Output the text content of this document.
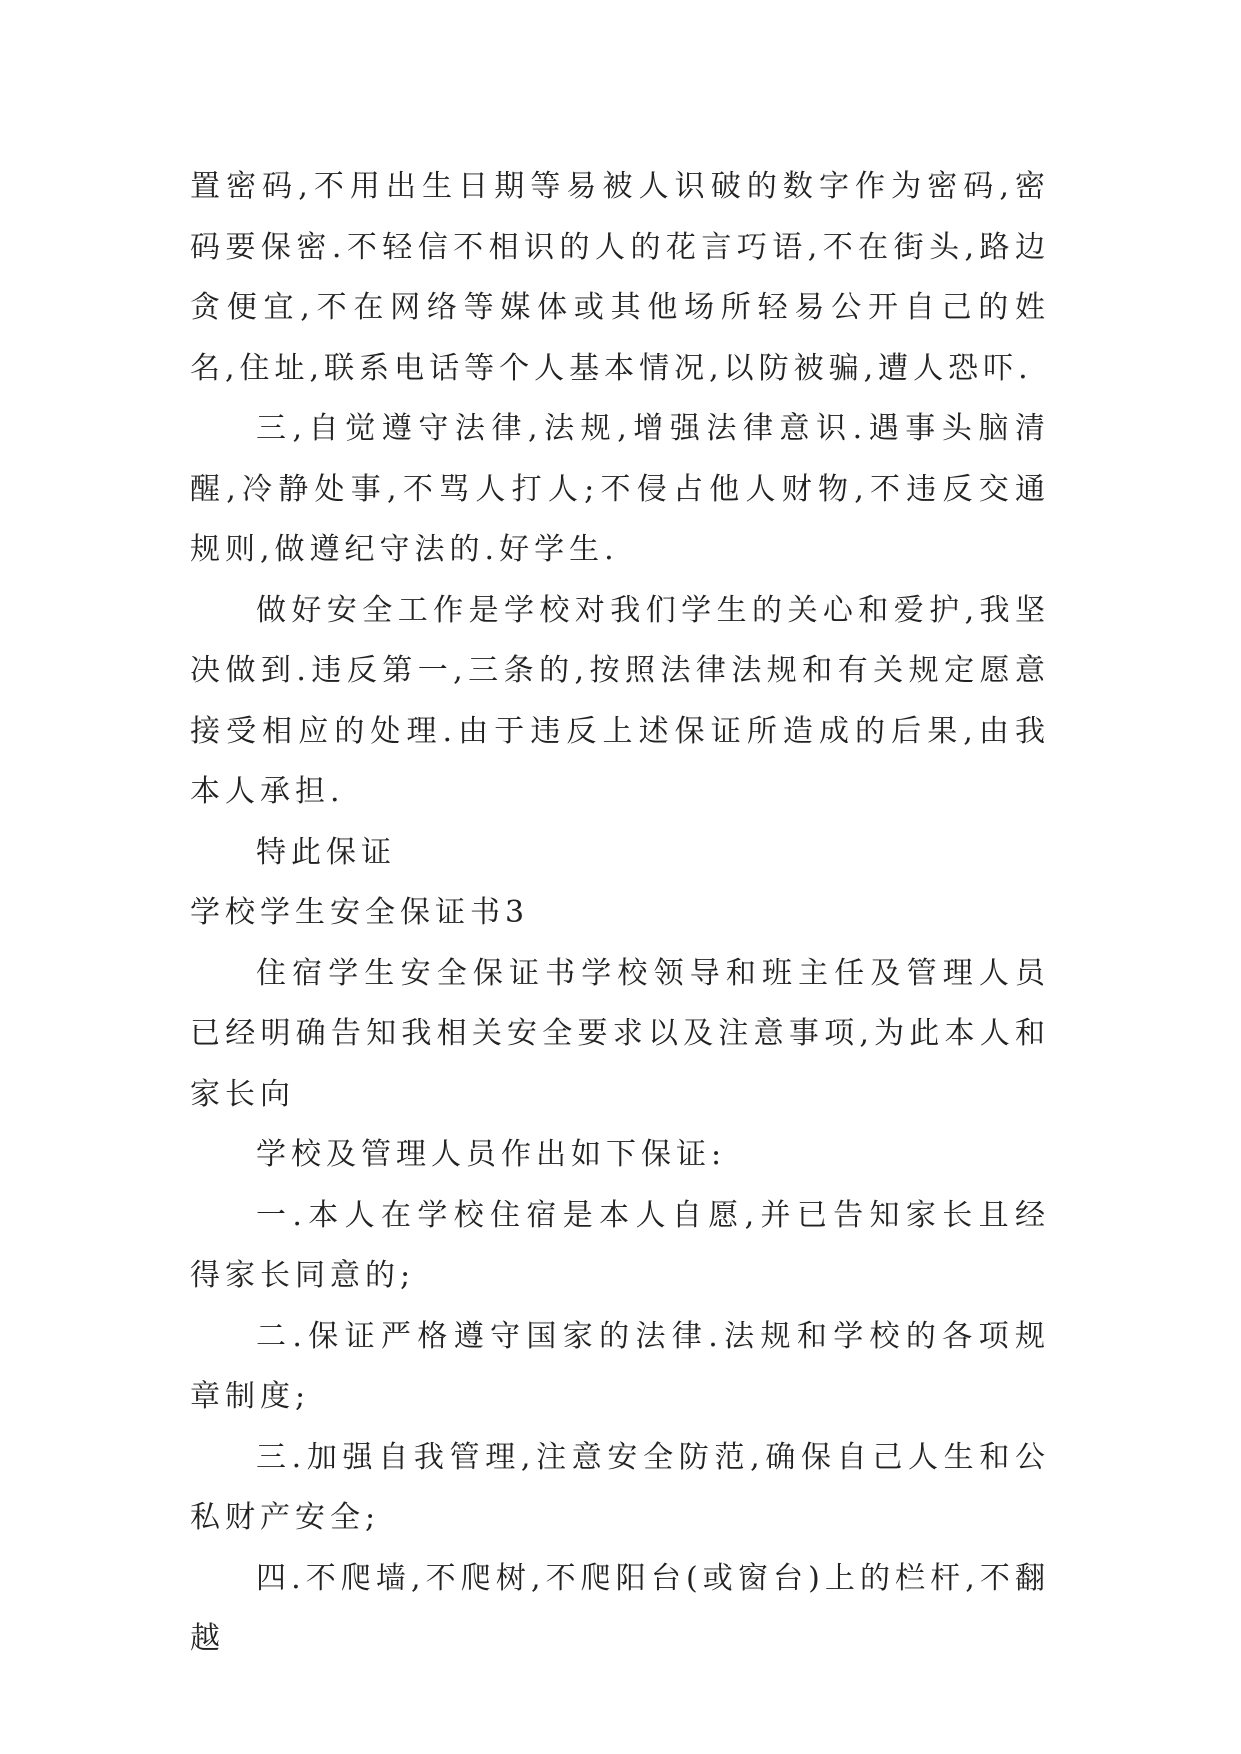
置密码,不用出生日期等易被人识破的数字作为密码,密码要保密.不轻信不相识的人的花言巧语,不在街头,路边贪便宜,不在网络等媒体或其他场所轻易公开自己的姓名,住址,联系电话等个人基本情况,以防被骗,遭人恐吓.

三,自觉遵守法律,法规,增强法律意识.遇事头脑清醒,冷静处事,不骂人打人;不侵占他人财物,不违反交通规则,做遵纪守法的.好学生.

做好安全工作是学校对我们学生的关心和爱护,我坚决做到.违反第一,三条的,按照法律法规和有关规定愿意接受相应的处理.由于违反上述保证所造成的后果,由我本人承担.

特此保证

学校学生安全保证书3

住宿学生安全保证书学校领导和班主任及管理人员已经明确告知我相关安全要求以及注意事项,为此本人和家长向

学校及管理人员作出如下保证:

一.本人在学校住宿是本人自愿,并已告知家长且经得家长同意的;

二.保证严格遵守国家的法律.法规和学校的各项规章制度;

三.加强自我管理,注意安全防范,确保自己人生和公私财产安全;

四.不爬墙,不爬树,不爬阳台(或窗台)上的栏杆,不翻越
